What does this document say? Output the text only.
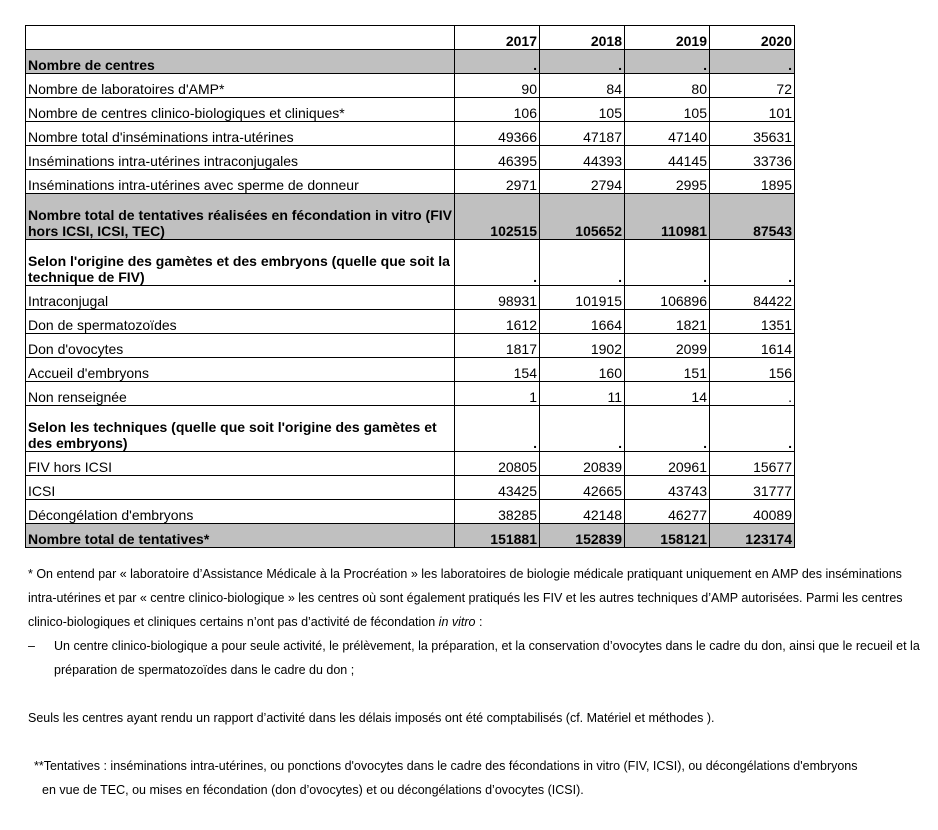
	2017	2018	2019	2020
Nombre de centres	.	.	.	.
Nombre de laboratoires d'AMP*	90	84	80	72
Nombre de centres clinico-biologiques et cliniques*	106	105	105	101
Nombre total d'inséminations intra-utérines	49366	47187	47140	35631
Inséminations intra-utérines intraconjugales	46395	44393	44145	33736
Inséminations intra-utérines avec sperme de donneur	2971	2794	2995	1895
Nombre total de tentatives réalisées en fécondation in vitro (FIV hors ICSI, ICSI, TEC)	102515	105652	110981	87543
Selon l'origine des gamètes et des embryons (quelle que soit la technique de FIV)	.	.	.	.
Intraconjugal	98931	101915	106896	84422
Don de spermatozoïdes	1612	1664	1821	1351
Don d'ovocytes	1817	1902	2099	1614
Accueil d'embryons	154	160	151	156
Non renseignée	1	11	14	.
Selon les techniques (quelle que soit l'origine des gamètes et des embryons)	.	.	.	.
FIV hors ICSI	20805	20839	20961	15677
ICSI	43425	42665	43743	31777
Décongélation d'embryons	38285	42148	46277	40089
Nombre total de tentatives*	151881	152839	158121	123174

* On entend par « laboratoire d’Assistance Médicale à la Procréation » les laboratoires de biologie médicale pratiquant uniquement en AMP des inséminations intra-utérines et par « centre clinico-biologique » les centres où sont également pratiqués les FIV et les autres techniques d’AMP autorisées. Parmi les centres clinico-biologiques et cliniques certains n’ont pas d’activité de fécondation in vitro :

– Un centre clinico-biologique a pour seule activité, le prélèvement, la préparation, et la conservation d’ovocytes dans le cadre du don, ainsi que le recueil et la préparation de spermatozoïdes dans le cadre du don ;

Seuls les centres ayant rendu un rapport d’activité dans les délais imposés ont été comptabilisés (cf. Matériel et méthodes ).

**Tentatives : inséminations intra-utérines, ou ponctions d'ovocytes dans le cadre des fécondations in vitro (FIV, ICSI), ou décongélations d'embryons

en vue de TEC, ou mises en fécondation (don d’ovocytes) et ou décongélations d’ovocytes (ICSI).
